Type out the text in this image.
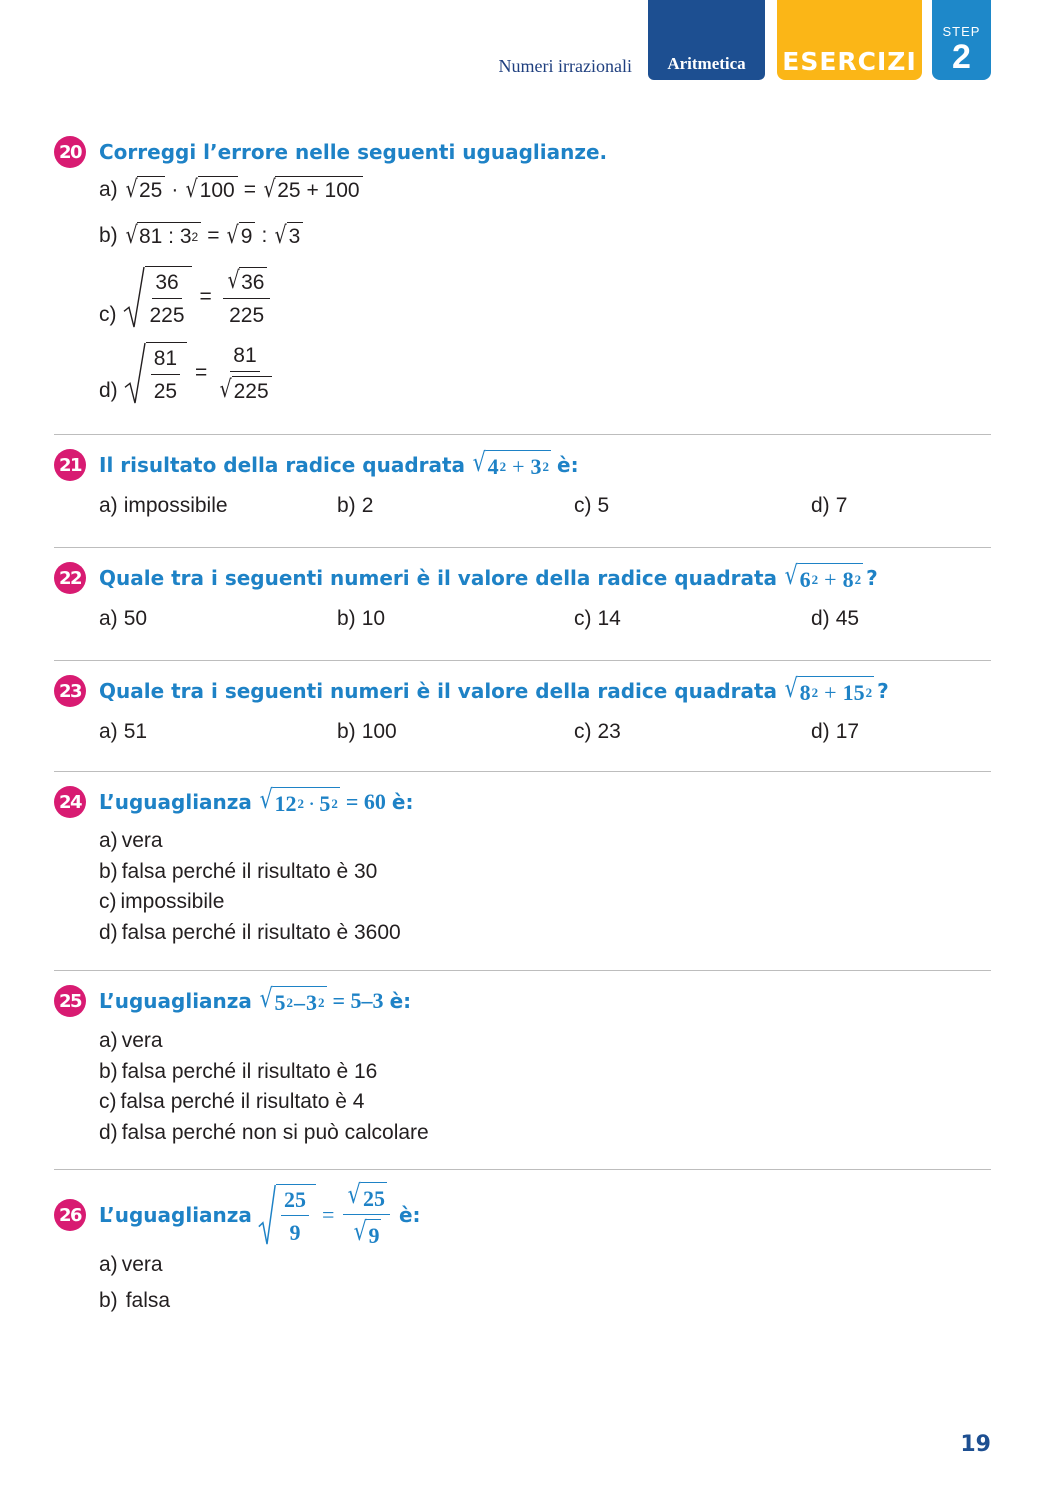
Numeri irrazionali	Aritmetica	ESERCIZI
STEP
2
20 Correggi l’errore nelle seguenti uguaglianze.
a) √ 25 · √ 100 = √ 25 + 100
b) √ 81 : 3 2 = √ 9 : √ 3
$c) \frac{36}{225} = \frac{√ 36}{225}$
$d) \frac{81}{25} = \frac{81}{√ 225}$
21 Il risultato della radice quadrata √ 4 2 + 3 2 è:
a) impossibile	b) 2	c) 5	d) 7
22 Quale tra i seguenti numeri è il valore della radice quadrata √ 6 2 + 8 2 ?
a) 50	b) 10	c) 14	d) 45
23 Quale tra i seguenti numeri è il valore della radice quadrata √ 8 2 + 15 2 ?
a) 51	b) 100	c) 23	d) 17
24 L’uguaglianza √ 12 2 · 5 2 = 60 è:
a) vera
b) falsa perché il risultato è 30
c) impossibile
d) falsa perché il risultato è 3600
25 L’uguaglianza √ 5 2 – 3 2 = 5–3 è:
a) vera
b) falsa perché il risultato è 16
c) falsa perché il risultato è 4
d) falsa perché non si può calcolare
26 L’uguaglianza $\frac{25}{9} = \frac{√ 25}{√ 9}$ è:
a) vera
b) falsa
19
